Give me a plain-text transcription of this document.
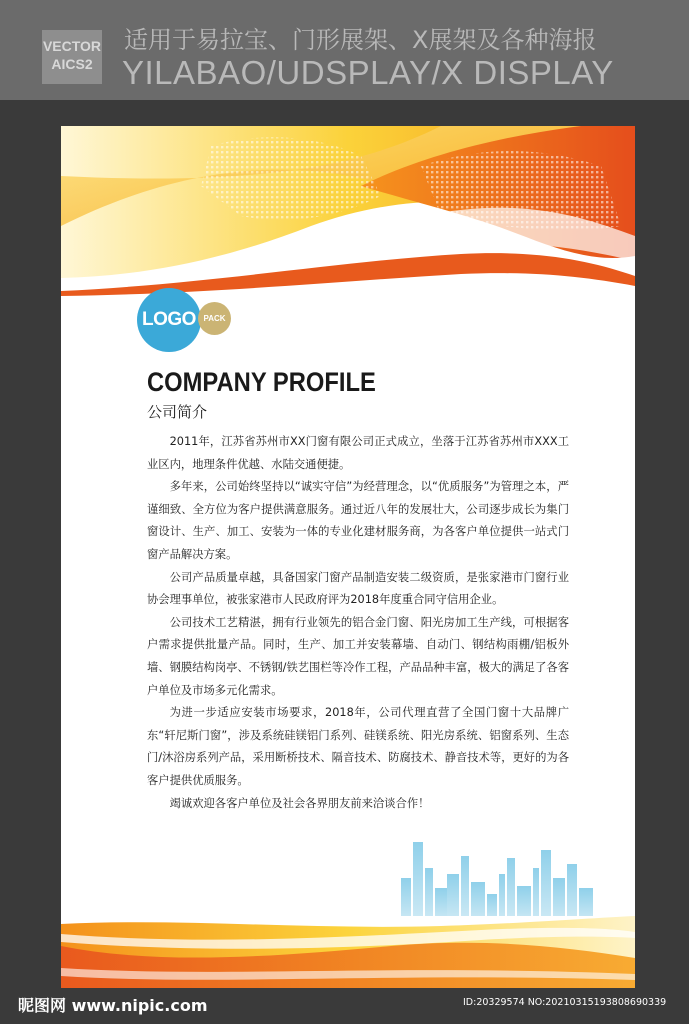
VECTOR
AICS2
适用于易拉宝、门形展架、X展架及各种海报
YILABAO/UDSPLAY/X DISPLAY
LOGO PACK
COMPANY PROFILE
公司简介

2011年，江苏省苏州市XX门窗有限公司正式成立，坐落于江苏省苏州市XXX工业区内，地理条件优越、水陆交通便捷。

多年来，公司始终坚持以“诚实守信”为经营理念，以“优质服务”为管理之本，严谨细致、全方位为客户提供满意服务。通过近八年的发展壮大，公司逐步成长为集门窗设计、生产、加工、安装为一体的专业化建材服务商，为各客户单位提供一站式门窗产品解决方案。

公司产品质量卓越，具备国家门窗产品制造安装二级资质，是张家港市门窗行业协会理事单位，被张家港市人民政府评为2018年度重合同守信用企业。

公司技术工艺精湛，拥有行业领先的铝合金门窗、阳光房加工生产线，可根据客户需求提供批量产品。同时，生产、加工并安装幕墙、自动门、钢结构雨棚/铝板外墙、钢膜结构岗亭、不锈钢/铁艺围栏等冷作工程，产品品种丰富，极大的满足了各客户单位及市场多元化需求。

为进一步适应安装市场要求，2018年，公司代理直营了全国门窗十大品牌广东“轩尼斯门窗”，涉及系统硅镁铝门系列、硅镁系统、阳光房系统、铝窗系列、生态门/沐浴房系列产品，采用断桥技术、隔音技术、防腐技术、静音技术等，更好的为各客户提供优质服务。

竭诚欢迎各客户单位及社会各界朋友前来洽谈合作！

昵图网 www.nipic.com	ID:20329574 NO:20210315193808690339
